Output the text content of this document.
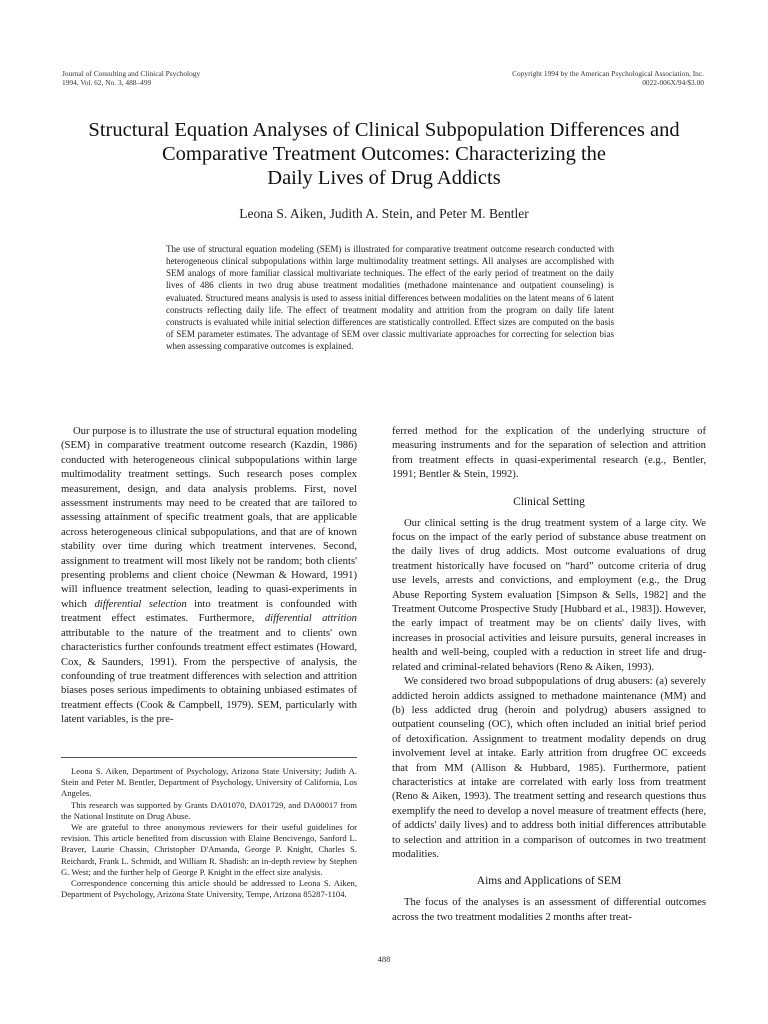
Journal of Consulting and Clinical Psychology
1994, Vol. 62, No. 3, 488–499
Copyright 1994 by the American Psychological Association, Inc.
0022-006X/94/$3.00
Structural Equation Analyses of Clinical Subpopulation Differences and
Comparative Treatment Outcomes: Characterizing the
Daily Lives of Drug Addicts
Leona S. Aiken, Judith A. Stein, and Peter M. Bentler
The use of structural equation modeling (SEM) is illustrated for comparative treatment outcome research conducted with heterogeneous clinical subpopulations within large multimodality treatment settings. All analyses are accomplished with SEM analogs of more familiar classical multivariate techniques. The effect of the early period of treatment on the daily lives of 486 clients in two drug abuse treatment modalities (methadone maintenance and outpatient counseling) is evaluated. Structured means analysis is used to assess initial differences between modalities on the latent means of 6 latent constructs reflecting daily life. The effect of treatment modality and attrition from the program on daily life latent constructs is evaluated while initial selection differences are statistically controlled. Effect sizes are computed on the basis of SEM parameter estimates. The advantage of SEM over classic multivariate approaches for correcting for selection bias when assessing comparative outcomes is explained.

Our purpose is to illustrate the use of structural equation modeling (SEM) in comparative treatment outcome research (Kazdin, 1986) conducted with heterogeneous clinical subpopulations within large multimodality treatment settings. Such research poses complex measurement, design, and data analysis problems. First, novel assessment instruments may need to be created that are tailored to assessing attainment of specific treatment goals, that are applicable across heterogeneous clinical subpopulations, and that are of known stability over time during which treatment intervenes. Second, assignment to treatment will most likely not be random; both clients' presenting problems and client choice (Newman & Howard, 1991) will influence treatment selection, leading to quasi-experiments in which differential selection into treatment is confounded with treatment effect estimates. Furthermore, differential attrition attributable to the nature of the treatment and to clients' own characteristics further confounds treatment effect estimates (Howard, Cox, & Saunders, 1991). From the perspective of analysis, the confounding of true treatment differences with selection and attrition biases poses serious impediments to obtaining unbiased estimates of treatment effects (Cook & Campbell, 1979). SEM, particularly with latent variables, is the pre-

Leona S. Aiken, Department of Psychology, Arizona State University; Judith A. Stein and Peter M. Bentler, Department of Psychology, University of California, Los Angeles.

This research was supported by Grants DA01070, DA01729, and DA00017 from the National Institute on Drug Abuse.

We are grateful to three anonymous reviewers for their useful guidelines for revision. This article benefited from discussion with Elaine Bencivengo, Sanford L. Braver, Laurie Chassin, Christopher D'Amanda, George P. Knight, Charles S. Reichardt, Frank L. Schmidt, and William R. Shadish: an in-depth review by Stephen G. West; and the further help of George P. Knight in the effect size analysis.

Correspondence concerning this article should be addressed to Leona S. Aiken, Department of Psychology, Arizona State University, Tempe, Arizona 85287-1104.

ferred method for the explication of the underlying structure of measuring instruments and for the separation of selection and attrition from treatment effects in quasi-experimental research (e.g., Bentler, 1991; Bentler & Stein, 1992).

Clinical Setting

Our clinical setting is the drug treatment system of a large city. We focus on the impact of the early period of substance abuse treatment on the daily lives of drug addicts. Most outcome evaluations of drug treatment historically have focused on “hard” outcome criteria of drug use levels, arrests and convictions, and employment (e.g., the Drug Abuse Reporting System evaluation [Simpson & Sells, 1982] and the Treatment Outcome Prospective Study [Hubbard et al., 1983]). However, the early impact of treatment may be on clients' daily lives, with increases in prosocial activities and leisure pursuits, general increases in health and well-being, coupled with a reduction in street life and drug-related and criminal-related behaviors (Reno & Aiken, 1993).

We considered two broad subpopulations of drug abusers: (a) severely addicted heroin addicts assigned to methadone maintenance (MM) and (b) less addicted drug (heroin and polydrug) abusers assigned to outpatient counseling (OC), which often included an initial brief period of detoxification. Assignment to treatment modality depends on drug involvement level at intake. Early attrition from drugfree OC exceeds that from MM (Allison & Hubbard, 1985). Furthermore, patient characteristics at intake are correlated with early loss from treatment (Reno & Aiken, 1993). The treatment setting and research questions thus exemplify the need to develop a novel measure of treatment effects (here, of addicts' daily lives) and to address both initial differences attributable to selection and attrition in a comparison of outcomes in two treatment modalities.

Aims and Applications of SEM

The focus of the analyses is an assessment of differential outcomes across the two treatment modalities 2 months after treat-

488
